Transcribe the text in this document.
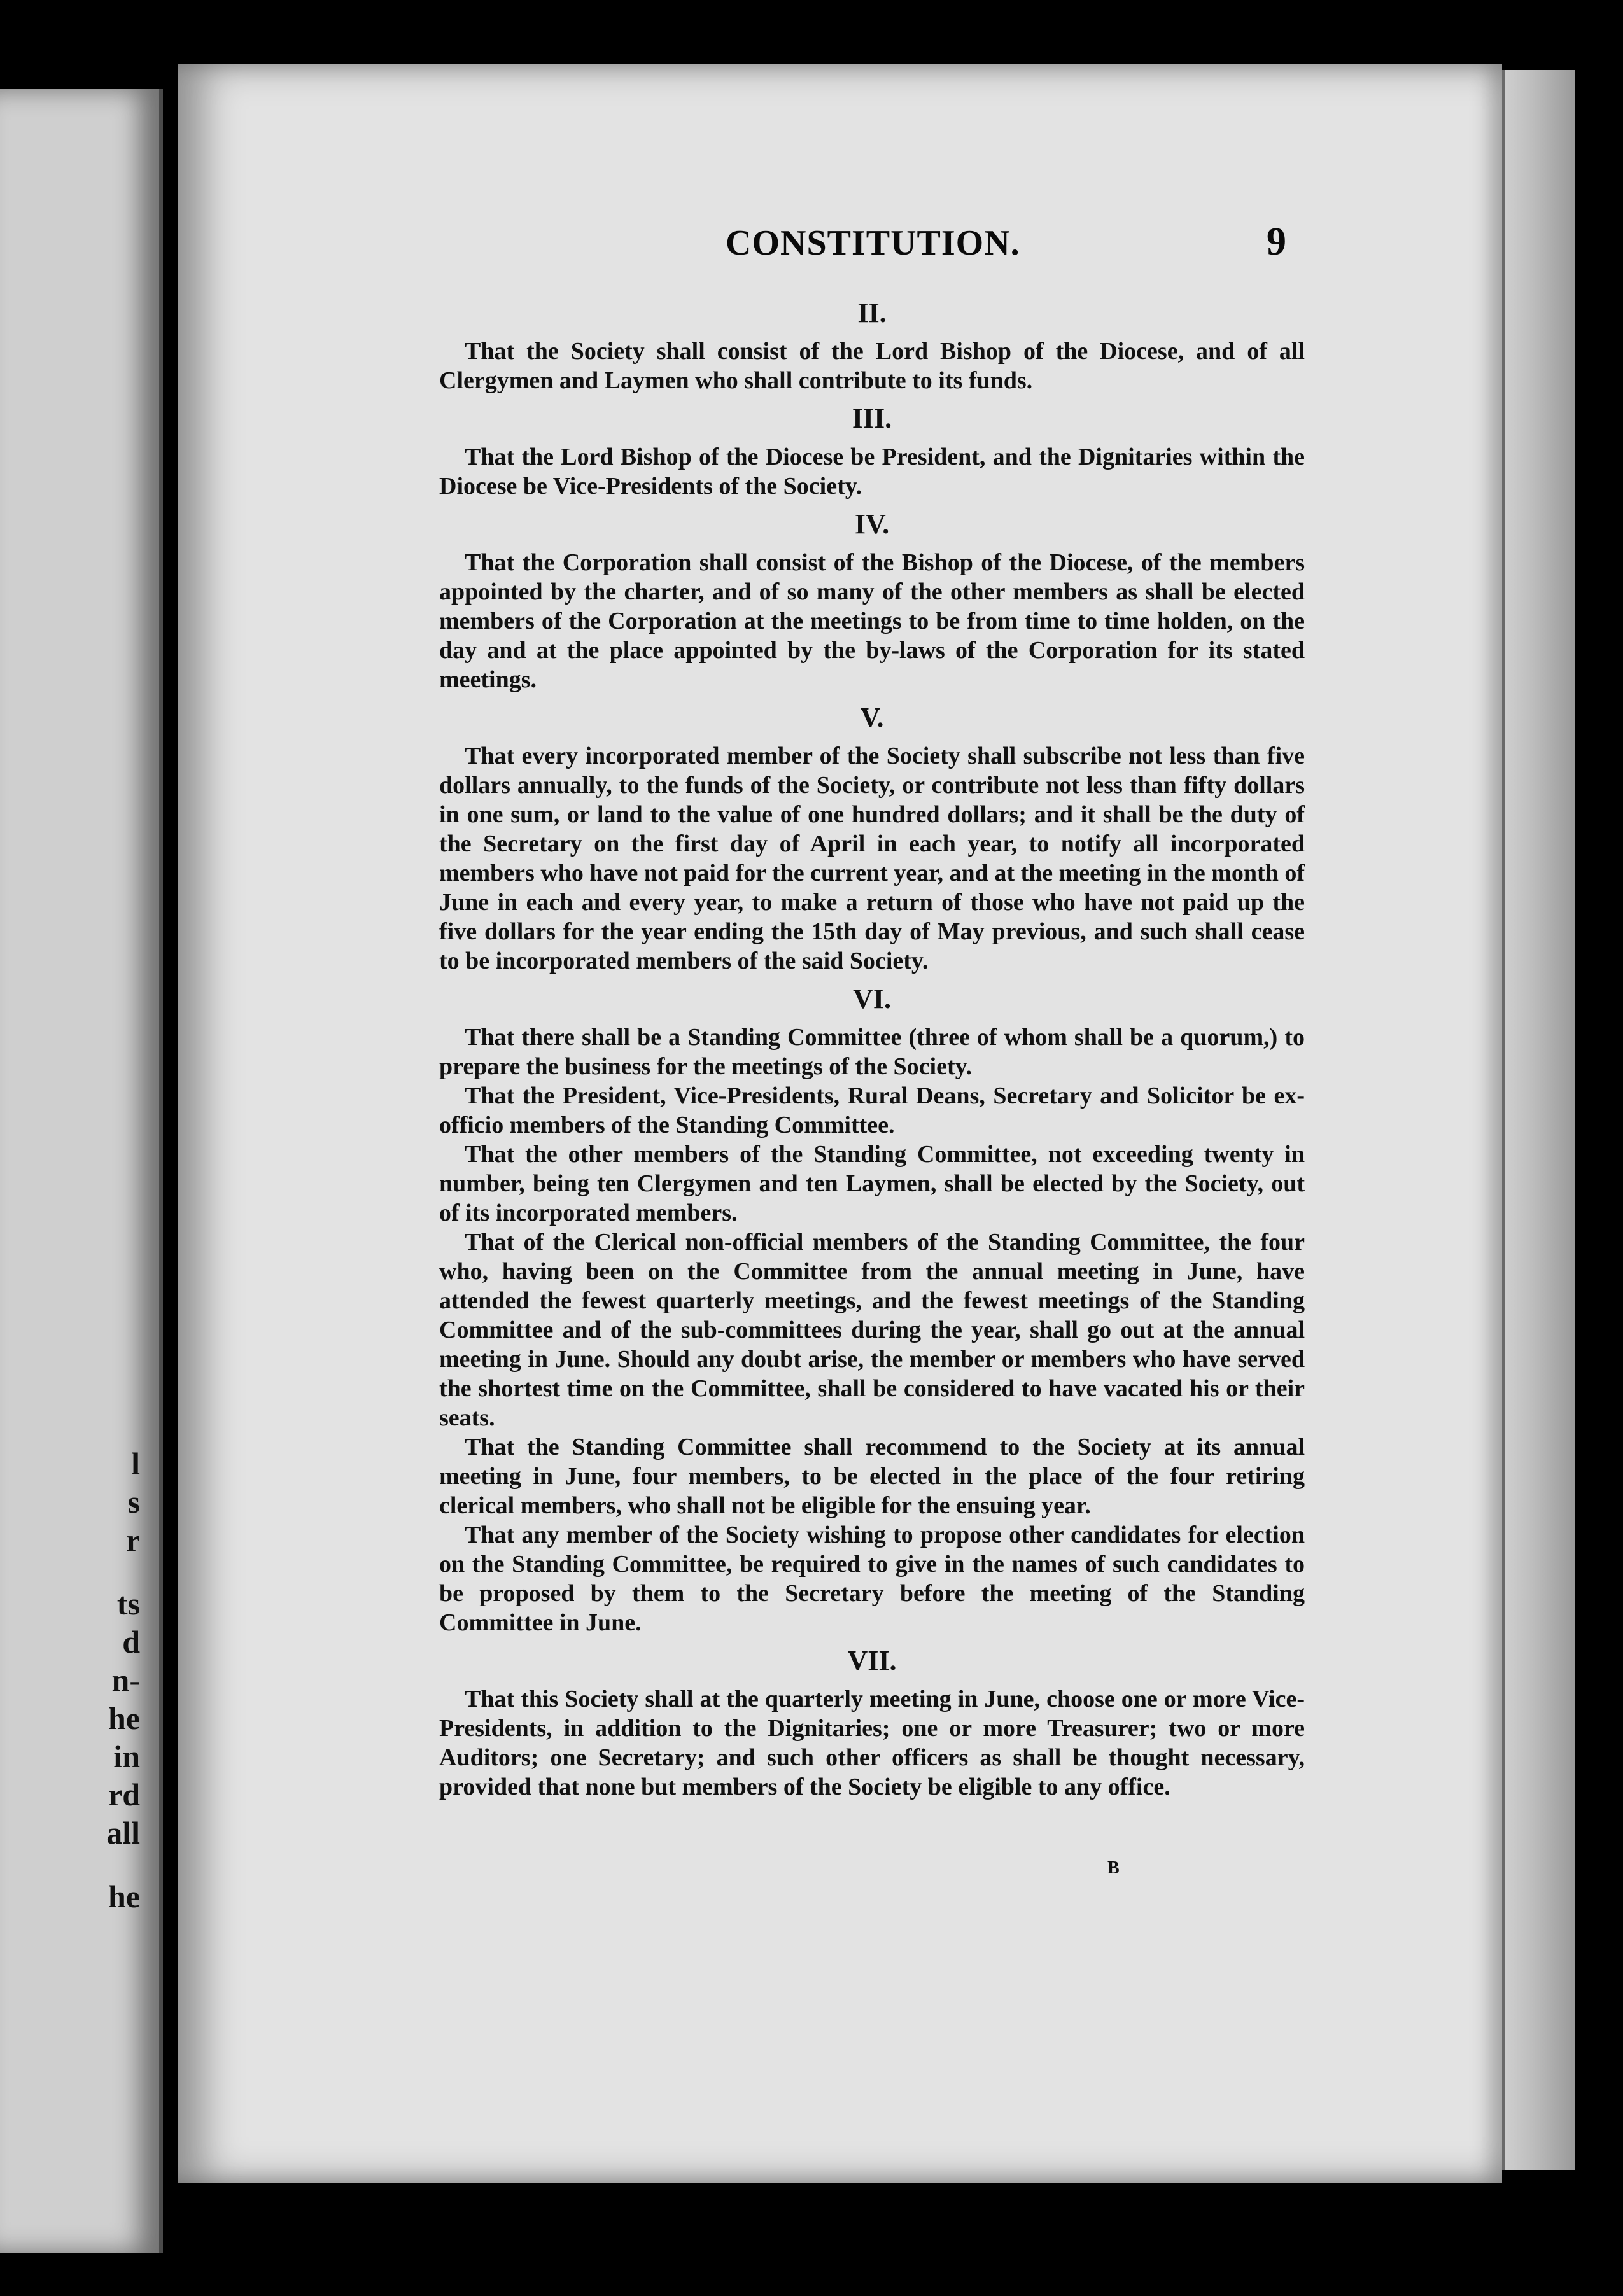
l
s
r
ts
d
n-
he
in
rd
all
he
CONSTITUTION.	9
II.

That the Society shall consist of the Lord Bishop of the Diocese, and of all Clergymen and Laymen who shall contribute to its funds.

III.

That the Lord Bishop of the Diocese be President, and the Dignitaries within the Diocese be Vice-Presidents of the Society.

IV.

That the Corporation shall consist of the Bishop of the Diocese, of the members appointed by the charter, and of so many of the other members as shall be elected members of the Corporation at the meetings to be from time to time holden, on the day and at the place appointed by the by-laws of the Corporation for its stated meetings.

V.

That every incorporated member of the Society shall subscribe not less than five dollars annually, to the funds of the Society, or contribute not less than fifty dollars in one sum, or land to the value of one hundred dollars; and it shall be the duty of the Secretary on the first day of April in each year, to notify all incorporated members who have not paid for the current year, and at the meeting in the month of June in each and every year, to make a return of those who have not paid up the five dollars for the year ending the 15th day of May previous, and such shall cease to be incorporated members of the said Society.

VI.

That there shall be a Standing Committee (three of whom shall be a quorum,) to prepare the business for the meetings of the Society.

That the President, Vice-Presidents, Rural Deans, Secretary and Solicitor be ex-officio members of the Standing Committee.

That the other members of the Standing Committee, not exceeding twenty in number, being ten Clergymen and ten Laymen, shall be elected by the Society, out of its incorporated members.

That of the Clerical non-official members of the Standing Committee, the four who, having been on the Committee from the annual meeting in June, have attended the fewest quarterly meetings, and the fewest meetings of the Standing Committee and of the sub-committees during the year, shall go out at the annual meeting in June. Should any doubt arise, the member or members who have served the shortest time on the Committee, shall be considered to have vacated his or their seats.

That the Standing Committee shall recommend to the Society at its annual meeting in June, four members, to be elected in the place of the four retiring clerical members, who shall not be eligible for the ensuing year.

That any member of the Society wishing to propose other candidates for election on the Standing Committee, be required to give in the names of such candidates to be proposed by them to the Secretary before the meeting of the Standing Committee in June.

VII.

That this Society shall at the quarterly meeting in June, choose one or more Vice-Presidents, in addition to the Dignitaries; one or more Treasurer; two or more Auditors; one Secretary; and such other officers as shall be thought necessary, provided that none but members of the Society be eligible to any office.

B
